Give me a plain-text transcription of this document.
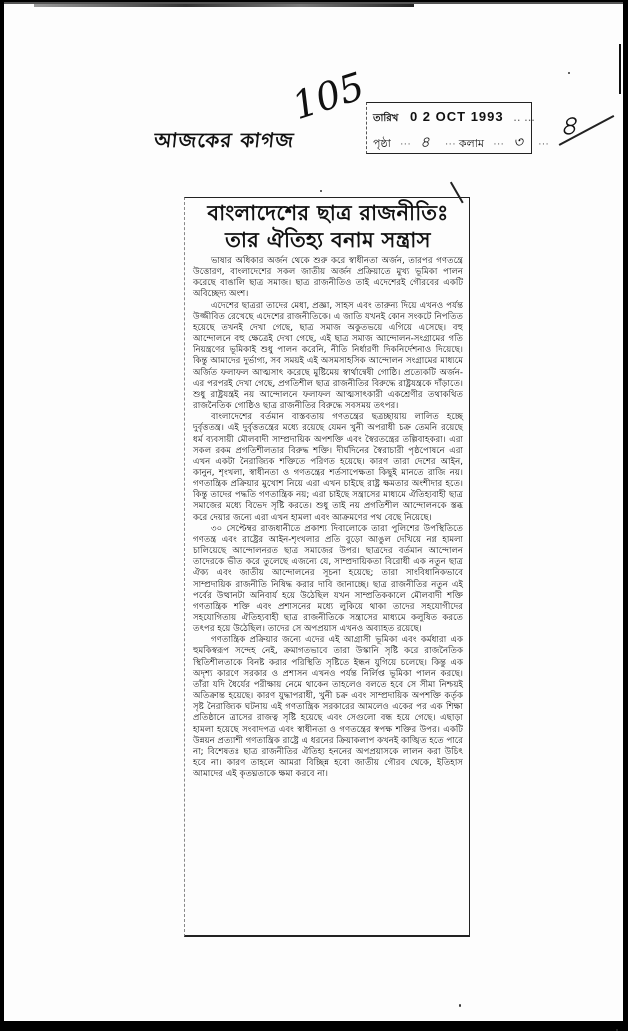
105
আজকের কাগজ
তারিখ 0 2 OCT 1993 .. ...
পৃষ্ঠা ··· ৪ ··· কলাম ··· ৩ ···
৪
বাংলাদেশের ছাত্র রাজনীতিঃ
তার ঐতিহ্য বনাম সন্ত্রাস

ভাষার অধিকার অর্জন থেকে শুরু করে স্বাধীনতা অর্জন, তারপর গণতন্ত্রে উত্তোরণ, বাংলাদেশের সকল জাতীয় অর্জন প্রক্রিয়াতে মুখ্য ভূমিকা পালন করেছে বাঙালি ছাত্র সমাজ। ছাত্র রাজনীতিও তাই এদেশেরই গৌরবের একটি অবিচ্ছেদ্য অংশ।

এদেশের ছাত্ররা তাদের মেধা, প্রজ্ঞা, সাহস এবং তারুন্য দিয়ে এখনও পর্যন্ত উজ্জীবিত রেখেছে এদেশের রাজনীতিকে। এ জাতি যখনই কোন সংকটে নিপতিত হয়েছে তখনই দেখা গেছে, ছাত্র সমাজ অকুতভয়ে এগিয়ে এসেছে। বহু আন্দোলনে বহু ক্ষেত্রেই দেখা গেছে, এই ছাত্র সমাজ আন্দোলন-সংগ্রামের গতি নিয়ন্ত্রণের ভূমিকাই শুধু পালন করেনি, নীতি নির্ধারণী দিকনির্দেশনাও দিয়েছে। কিন্তু আমাদের দুর্ভাগ্য, সব সময়ই এই অসমসাহসিক আন্দোলন সংগ্রামের মাধ্যমে অর্জিত ফলাফল আত্মসাৎ করেছে মুষ্টিমেয় স্বার্থান্বেষী গোষ্ঠি। প্রত্যেকটি অর্জন-এর পরপরই দেখা গেছে, প্রগতিশীল ছাত্র রাজনীতির বিরুদ্ধে রাষ্ট্রযন্ত্রকে দাঁড়াতে। শুধু রাষ্ট্রযন্ত্রই নয় আন্দোলনে ফলাফল আত্মসাৎকারী একশ্রেণীর তথাকথিত রাজনৈতিক গোষ্ঠিও ছাত্র রাজনীতির বিরুদ্ধে সবসময় তৎপর।

বাংলাদেশের বর্তমান বাস্তবতায় গণতন্ত্রের ছত্রচ্ছায়ায় লালিত হচ্ছে দুর্বৃত্ততন্ত্র। এই দুর্বৃত্ততন্ত্রের মধ্যে রয়েছে যেমন খুনী অপরাধী চক্র তেমনি রয়েছে ধর্ম ব্যবসায়ী মৌলবাদী সাম্প্রদায়িক অপশক্তি এবং স্বৈরতন্ত্রের তল্পিবাহকরা। এরা সকল রকম প্রগতিশীলতার বিরুদ্ধ শক্তি। দীর্ঘদিনের স্বৈরাচারী পৃষ্ঠপোষনে এরা এখন একটা নৈরাজ্যিক শক্তিতে পরিণত হয়েছে। কারণ তারা দেশের আইন, কানুন, শৃংখলা, স্বাধীনতা ও গণতন্ত্রের শর্তসাপেক্ষতা কিছুই মানতে রাজি নয়। গণতান্ত্রিক প্রক্রিয়ার মুখোশ নিয়ে এরা এখন চাইছে রাষ্ট্র ক্ষমতার অংশীদার হতে। কিন্তু তাদের পদ্ধতি গণতান্ত্রিক নয়; এরা চাইছে সন্ত্রাসের মাধ্যমে ঐতিহ্যবাহী ছাত্র সমাজের মধ্যে বিভেদ সৃষ্টি করতে। শুধু তাই নয় প্রগতিশীল আন্দোলনকে স্তব্ধ করে দেয়ার জন্যে এরা এখন হামলা এবং আক্রমণের পথ বেছে নিয়েছে।

৩০ সেপ্টেম্বর রাজধানীতে প্রকাশ্য দিবালোকে তারা পুলিশের উপস্থিতিতে গণতন্ত্র এবং রাষ্ট্রের আইন-শৃংখলার প্রতি বুড়ো আঙুল দেখিয়ে নগ্ন হামলা চালিয়েছে আন্দোলনরত ছাত্র সমাজের উপর। ছাত্রদের বর্তমান আন্দোলন তাদেরকে ভীত করে তুলেছে এজন্যে যে, সাম্প্রদায়িকতা বিরোধী এক নতুন ছাত্র ঐক্য এবং জাতীয় আন্দোলনের সূচনা হয়েছে; তারা সাংবিধানিকভাবে সাম্প্রদায়িক রাজনীতি নিষিদ্ধ করার দাবি জানাচ্ছে। ছাত্র রাজনীতির নতুন এই পর্বের উত্থানটা অনিবার্য হয়ে উঠেছিল যখন সাম্প্রতিককালে মৌলবাদী শক্তি গণতান্ত্রিক শক্তি এবং প্রশাসনের মধ্যে লুকিয়ে থাকা তাদের সহযোগীদের সহযোগিতায় ঐতিহ্যবাহী ছাত্র রাজনীতিকে সন্ত্রাসের মাধ্যমে কলুষিত করতে তৎপর হয়ে উঠেছিল। তাদের সে অপপ্রয়াস এখনও অব্যাহত রয়েছে।

গণতান্ত্রিক প্রক্রিয়ার জন্যে এদের এই আগ্রাসী ভূমিকা এবং কর্মধারা এক হুমকিস্বরূপ সন্দেহ নেই, ক্রমাগতভাবে তারা উস্কানি সৃষ্টি করে রাজনৈতিক স্থিতিশীলতাকে বিনষ্ট করার পরিস্থিতি সৃষ্টিতে ইন্ধন যুগিয়ে চলেছে। কিন্তু এক অদৃশ্য কারণে সরকার ও প্রশাসন এখনও পর্যন্ত নির্লিপ্ত ভূমিকা পালন করছে। তাঁরা যদি ধৈর্যের পরীক্ষায় নেমে থাকেন তাহলেও বলতে হবে সে সীমা নিশ্চয়ই অতিক্রান্ত হয়েছে। কারণ যুদ্ধাপরাধী, খুনী চক্র এবং সাম্প্রদায়িক অপশক্তি কর্তৃক সৃষ্ট নৈরাজ্যিক ঘটনায় এই গণতান্ত্রিক সরকারের আমলেও একের পর এক শিক্ষা প্রতিষ্ঠানে ত্রাসের রাজত্ব সৃষ্টি হয়েছে এবং সেগুলো বন্ধ হয়ে গেছে। এছাড়া হামলা হয়েছে সংবাদপত্র এবং স্বাধীনতা ও গণতন্ত্রের স্বপক্ষ শক্তির উপর। একটি উন্নয়ন প্রত্যাশী গণতান্ত্রিক রাষ্ট্রে এ ধরনের ক্রিয়াকলাপ কখনই কাঙ্খিত হতে পারে না; বিশেষতঃ ছাত্র রাজনীতির ঐতিহ্য হননের অপপ্রয়াসকে লালন করা উচিৎ হবে না। কারণ তাহলে আমরা বিচ্ছিন্ন হবো জাতীয় গৌরব থেকে, ইতিহাস আমাদের এই কৃতঘ্নতাকে ক্ষমা করবে না।
